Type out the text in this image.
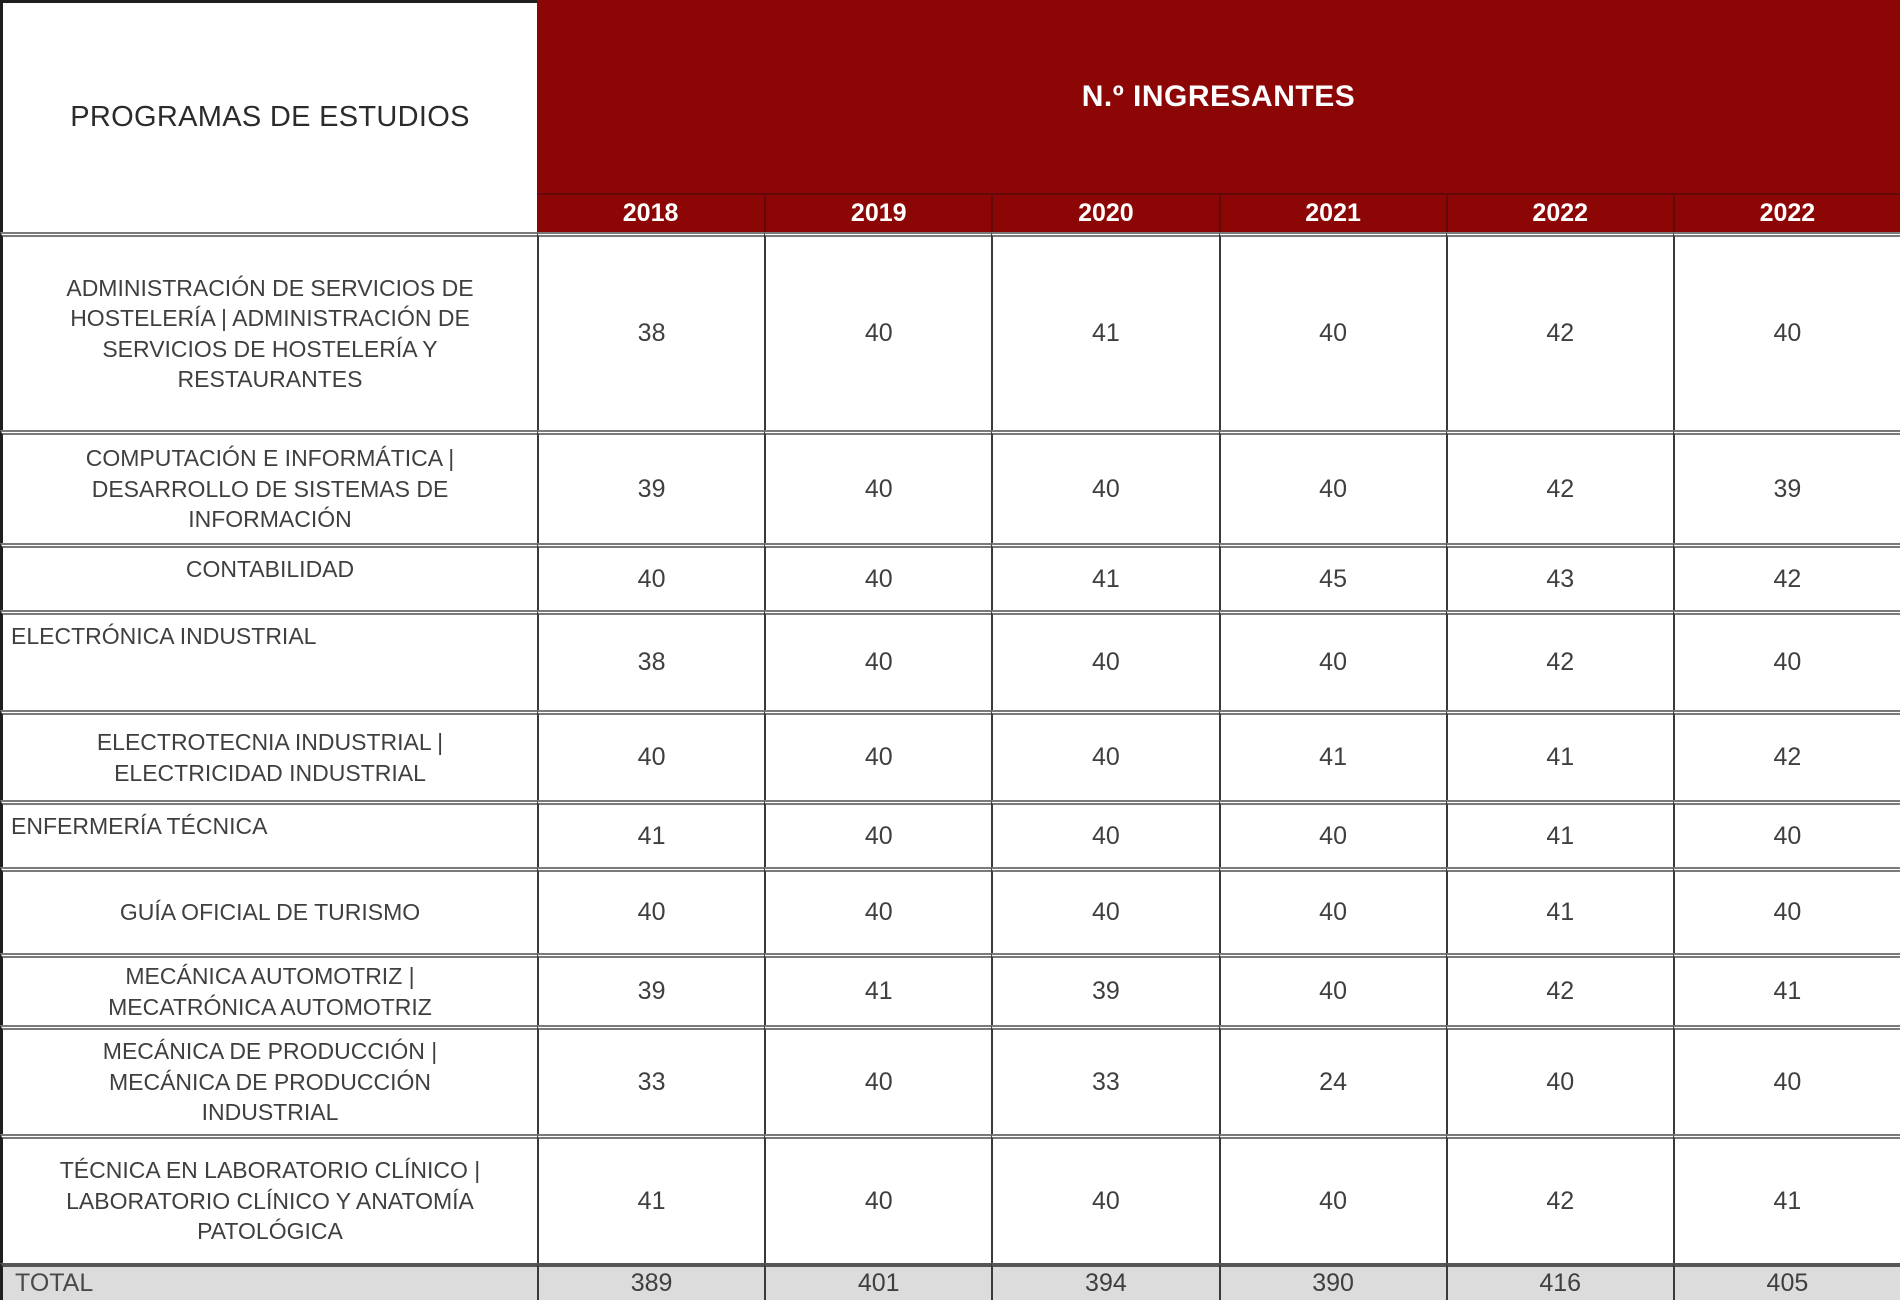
PROGRAMAS DE ESTUDIOS
N.º INGRESANTES
2018	2019	2020	2021	2022	2022
ADMINISTRACIÓN DE SERVICIOS DE HOSTELERÍA | ADMINISTRACIÓN DE SERVICIOS DE HOSTELERÍA Y RESTAURANTES
38	40	41	40	42	40
COMPUTACIÓN E INFORMÁTICA | DESARROLLO DE SISTEMAS DE INFORMACIÓN
39	40	40	40	42	39
CONTABILIDAD	40	40	41	45	43	42
ELECTRÓNICA INDUSTRIAL
38	40	40	40	42	40
ELECTROTECNIA INDUSTRIAL | ELECTRICIDAD INDUSTRIAL
40	40	40	41	41	42
ENFERMERÍA TÉCNICA	41	40	40	40	41	40
GUÍA OFICIAL DE TURISMO	40	40	40	40	41	40
MECÁNICA AUTOMOTRIZ | MECATRÓNICA AUTOMOTRIZ
39	41	39	40	42	41
MECÁNICA DE PRODUCCIÓN | MECÁNICA DE PRODUCCIÓN INDUSTRIAL
33	40	33	24	40	40
TÉCNICA EN LABORATORIO CLÍNICO | LABORATORIO CLÍNICO Y ANATOMÍA PATOLÓGICA
41	40	40	40	42	41
TOTAL	389	401	394	390	416	405
